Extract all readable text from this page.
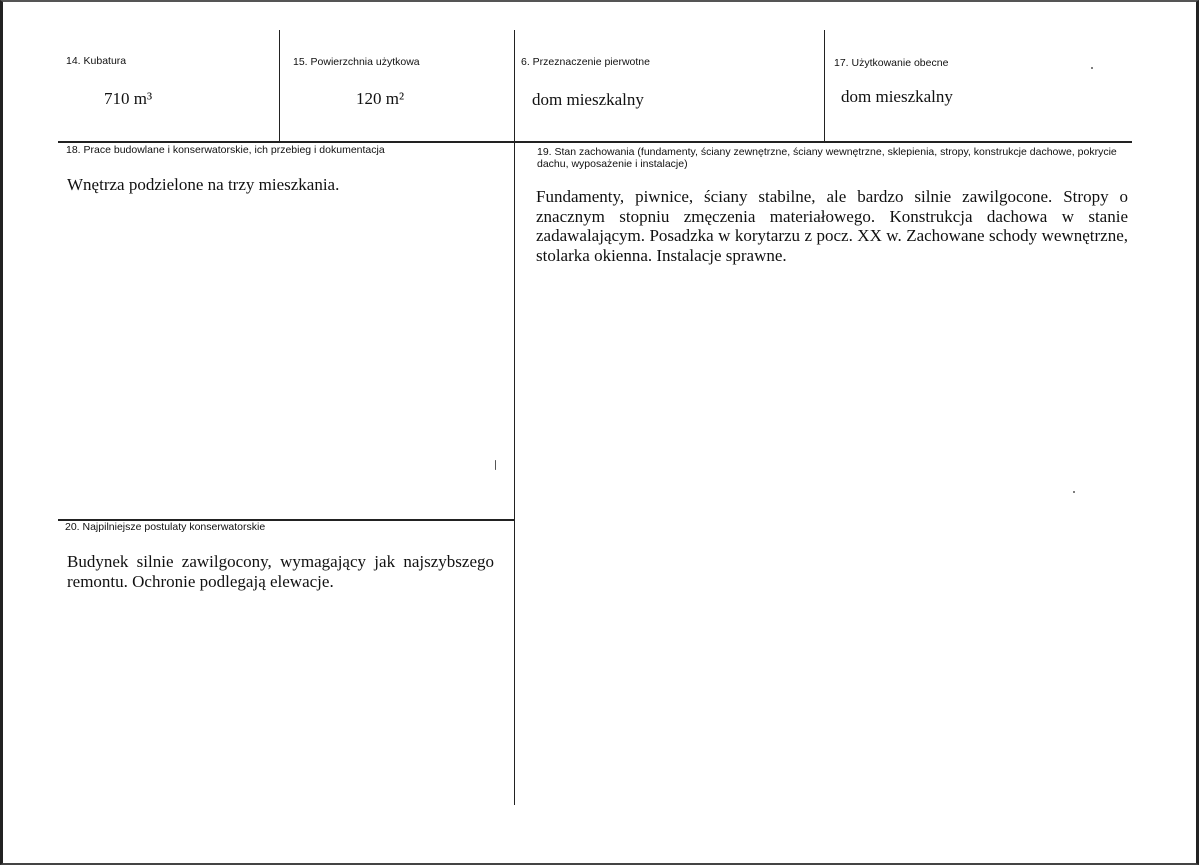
14. Kubatura
710 m³
15. Powierzchnia użytkowa
120 m²
6. Przeznaczenie pierwotne
dom mieszkalny
17. Użytkowanie obecne
dom mieszkalny
18. Prace budowlane i konserwatorskie, ich przebieg i dokumentacja
Wnętrza podzielone na trzy mieszkania.
19. Stan zachowania (fundamenty, ściany zewnętrzne, ściany wewnętrzne, sklepienia, stropy, konstrukcje dachowe, pokrycie dachu, wyposażenie i instalacje)
Fundamenty, piwnice, ściany stabilne, ale bardzo silnie zawilgocone. Stropy o znacznym stopniu zmęczenia materiałowego. Konstrukcja dachowa w stanie zadawalającym. Posadzka w korytarzu z pocz. XX w. Zachowane schody wewnętrzne, stolarka okienna. Instalacje sprawne.
20. Najpilniejsze postulaty konserwatorskie
Budynek silnie zawilgocony, wymagający jak najszybszego remontu. Ochronie podlegają elewacje.
